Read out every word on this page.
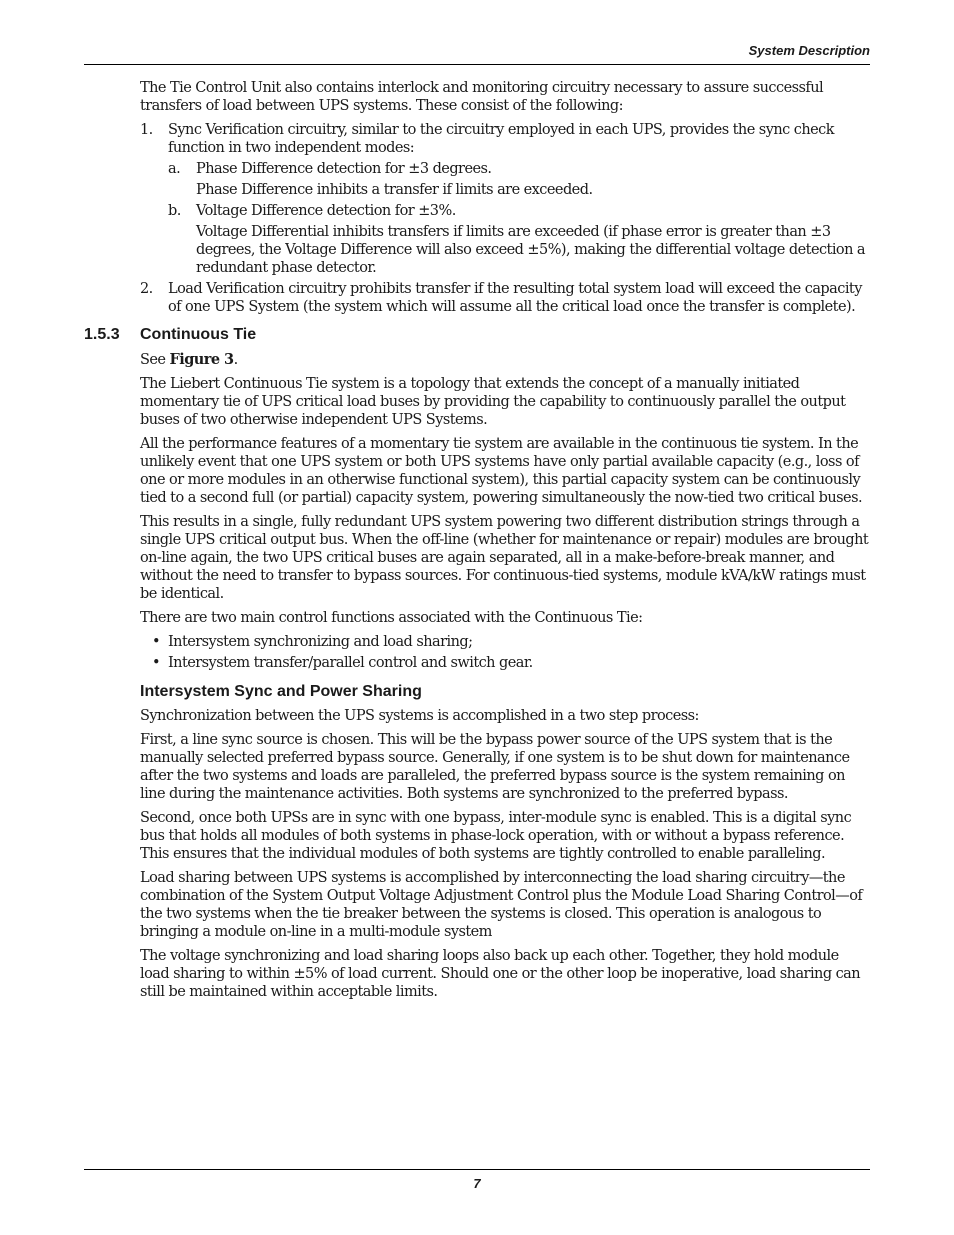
System Description

The Tie Control Unit also contains interlock and monitoring circuitry necessary to assure successful transfers of load between UPS systems. These consist of the following:

1. Sync Verification circuitry, similar to the circuitry employed in each UPS, provides the sync check function in two independent modes:
a. Phase Difference detection for ±3 degrees.
Phase Difference inhibits a transfer if limits are exceeded.
b. Voltage Difference detection for ±3%.
Voltage Differential inhibits transfers if limits are exceeded (if phase error is greater than ±3 degrees, the Voltage Difference will also exceed ±5%), making the differential voltage detection a redundant phase detector.
2. Load Verification circuitry prohibits transfer if the resulting total system load will exceed the capacity of one UPS System (the system which will assume all the critical load once the transfer is complete).
1.5.3 Continuous Tie

See Figure 3.

The Liebert Continuous Tie system is a topology that extends the concept of a manually initiated momentary tie of UPS critical load buses by providing the capability to continuously parallel the output buses of two otherwise independent UPS Systems.

All the performance features of a momentary tie system are available in the continuous tie system. In the unlikely event that one UPS system or both UPS systems have only partial available capacity (e.g., loss of one or more modules in an otherwise functional system), this partial capacity system can be continuously tied to a second full (or partial) capacity system, powering simultaneously the now-tied two critical buses.

This results in a single, fully redundant UPS system powering two different distribution strings through a single UPS critical output bus. When the off-line (whether for maintenance or repair) modules are brought on-line again, the two UPS critical buses are again separated, all in a make-before-break manner, and without the need to transfer to bypass sources. For continuous-tied systems, module kVA/kW ratings must be identical.

There are two main control functions associated with the Continuous Tie:

• Intersystem synchronizing and load sharing;
• Intersystem transfer/parallel control and switch gear.
Intersystem Sync and Power Sharing

Synchronization between the UPS systems is accomplished in a two step process:

First, a line sync source is chosen. This will be the bypass power source of the UPS system that is the manually selected preferred bypass source. Generally, if one system is to be shut down for maintenance after the two systems and loads are paralleled, the preferred bypass source is the system remaining on line during the maintenance activities. Both systems are synchronized to the preferred bypass.

Second, once both UPSs are in sync with one bypass, inter-module sync is enabled. This is a digital sync bus that holds all modules of both systems in phase-lock operation, with or without a bypass reference. This ensures that the individual modules of both systems are tightly controlled to enable paralleling.

Load sharing between UPS systems is accomplished by interconnecting the load sharing circuitry—the combination of the System Output Voltage Adjustment Control plus the Module Load Sharing Control—of the two systems when the tie breaker between the systems is closed. This operation is analogous to bringing a module on-line in a multi-module system

The voltage synchronizing and load sharing loops also back up each other. Together, they hold module load sharing to within ±5% of load current. Should one or the other loop be inoperative, load sharing can still be maintained within acceptable limits.

7
